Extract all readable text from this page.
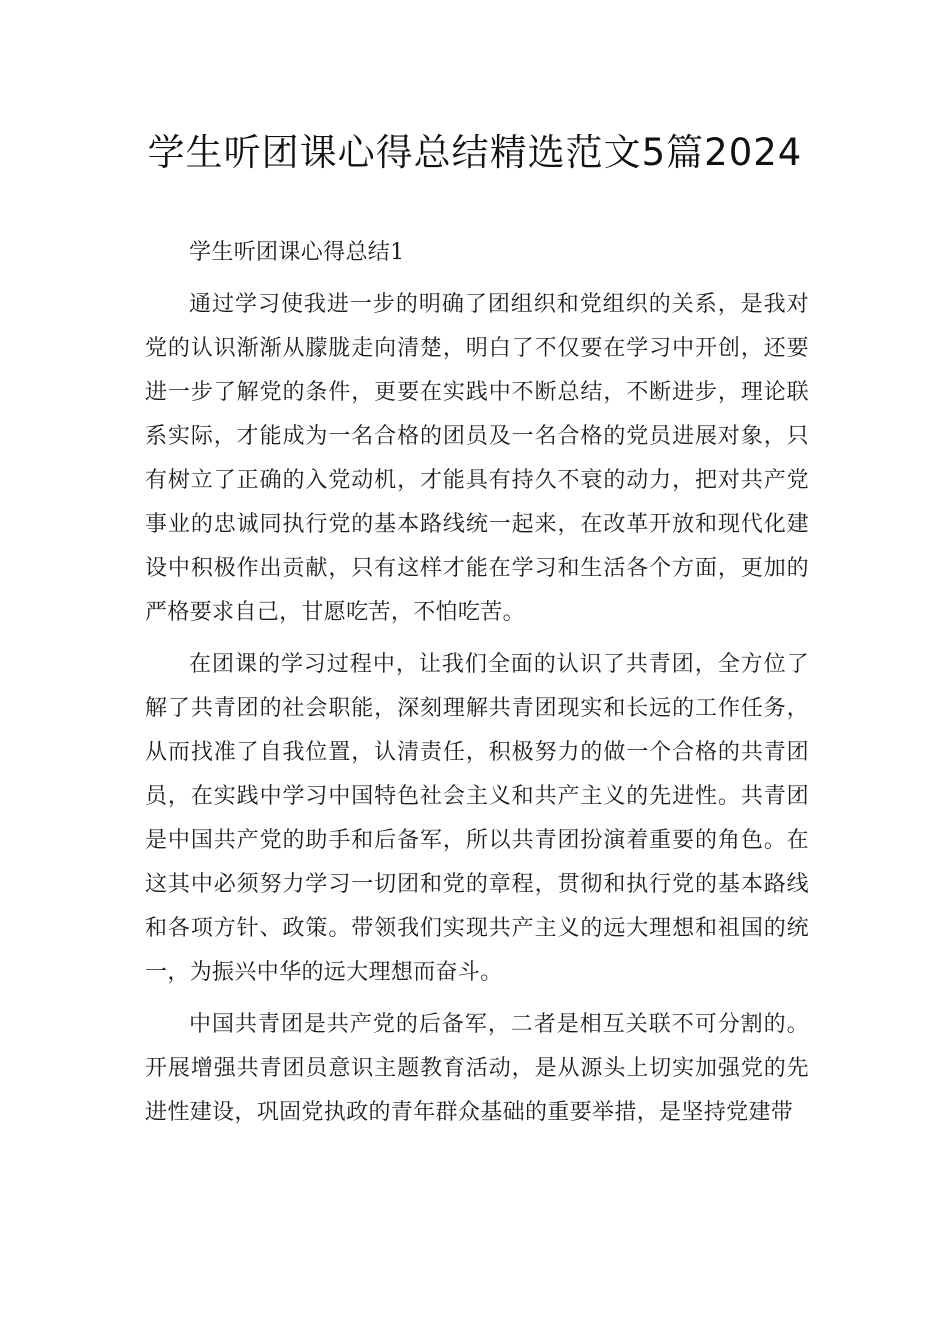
学生听团课心得总结精选范文5篇2024

学生听团课心得总结1

通过学习使我进一步的明确了团组织和党组织的关系，是我对党的认识渐渐从朦胧走向清楚，明白了不仅要在学习中开创，还要进一步了解党的条件，更要在实践中不断总结，不断进步，理论联系实际，才能成为一名合格的团员及一名合格的党员进展对象，只有树立了正确的入党动机，才能具有持久不衰的动力，把对共产党事业的忠诚同执行党的基本路线统一起来，在改革开放和现代化建设中积极作出贡献，只有这样才能在学习和生活各个方面，更加的严格要求自己，甘愿吃苦，不怕吃苦。

在团课的学习过程中，让我们全面的认识了共青团，全方位了解了共青团的社会职能，深刻理解共青团现实和长远的工作任务，从而找准了自我位置，认清责任，积极努力的做一个合格的共青团员，在实践中学习中国特色社会主义和共产主义的先进性。共青团是中国共产党的助手和后备军，所以共青团扮演着重要的角色。在这其中必须努力学习一切团和党的章程，贯彻和执行党的基本路线和各项方针、政策。带领我们实现共产主义的远大理想和祖国的统一，为振兴中华的远大理想而奋斗。

中国共青团是共产党的后备军，二者是相互关联不可分割的。开展增强共青团员意识主题教育活动，是从源头上切实加强党的先进性建设，巩固党执政的青年群众基础的重要举措，是坚持党建带
